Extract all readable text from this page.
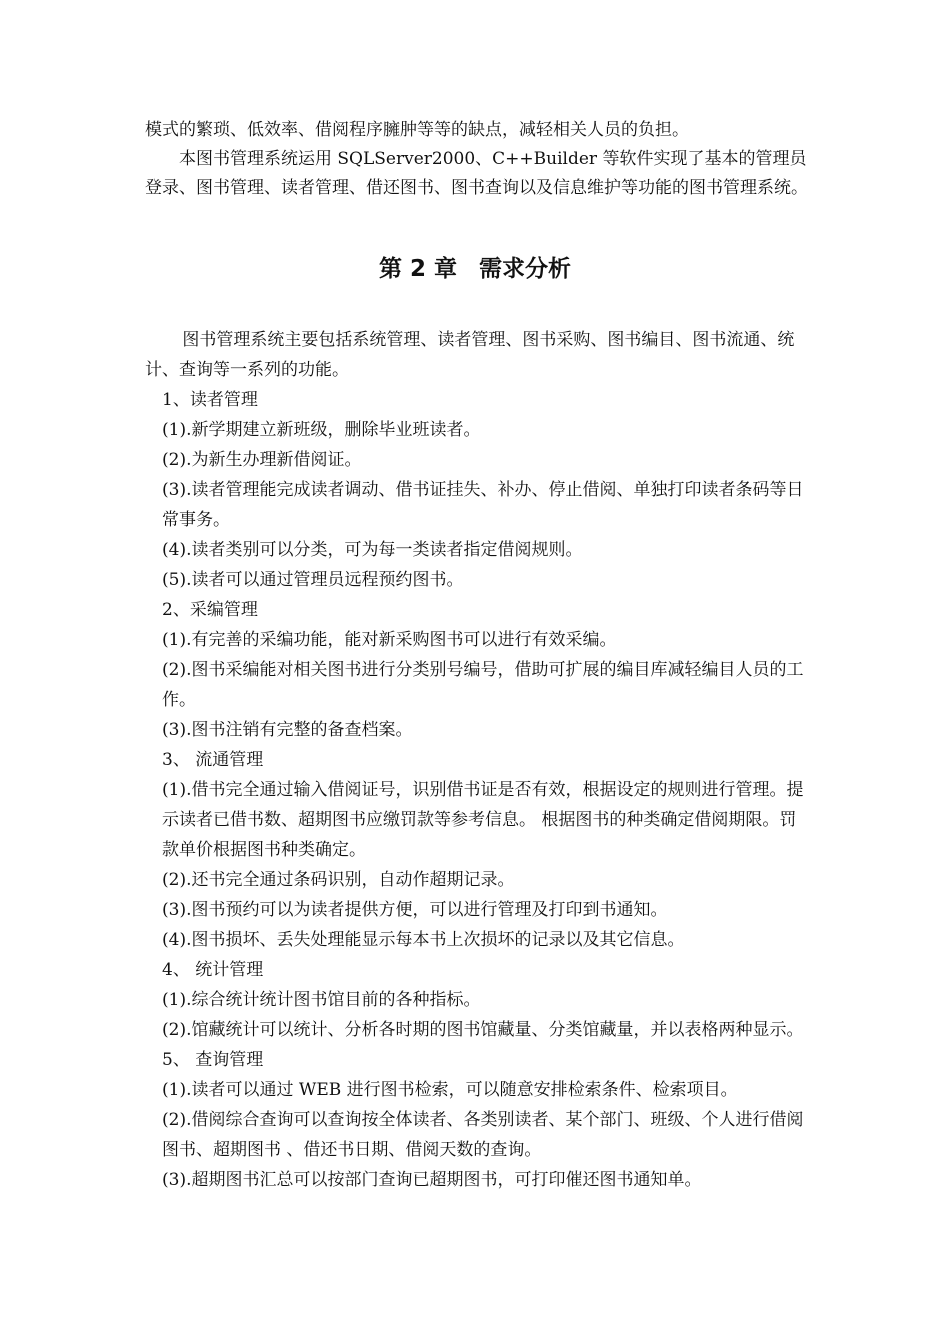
模式的繁琐、低效率、借阅程序臃肿等等的缺点，减轻相关人员的负担。

本图书管理系统运用 SQLServer2000、C++Builder 等软件实现了基本的管理员登录、图书管理、读者管理、借还图书、图书查询以及信息维护等功能的图书管理系统。

第 2 章 需求分析

图书管理系统主要包括系统管理、读者管理、图书采购、图书编目、图书流通、统计、查询等一系列的功能。

1、读者管理

(1).新学期建立新班级，删除毕业班读者。

(2).为新生办理新借阅证。

(3).读者管理能完成读者调动、借书证挂失、补办、停止借阅、单独打印读者条码等日常事务。

(4).读者类别可以分类，可为每一类读者指定借阅规则。

(5).读者可以通过管理员远程预约图书。

2、采编管理

(1).有完善的采编功能，能对新采购图书可以进行有效采编。

(2).图书采编能对相关图书进行分类别号编号，借助可扩展的编目库减轻编目人员的工作。

(3).图书注销有完整的备查档案。

3、 流通管理

(1).借书完全通过输入借阅证号，识别借书证是否有效，根据设定的规则进行管理。提示读者已借书数、超期图书应缴罚款等参考信息。 根据图书的种类确定借阅期限。罚款单价根据图书种类确定。

(2).还书完全通过条码识别，自动作超期记录。

(3).图书预约可以为读者提供方便，可以进行管理及打印到书通知。

(4).图书损坏、丢失处理能显示每本书上次损坏的记录以及其它信息。

4、 统计管理

(1).综合统计统计图书馆目前的各种指标。

(2).馆藏统计可以统计、分析各时期的图书馆藏量、分类馆藏量，并以表格两种显示。

5、 查询管理

(1).读者可以通过 WEB 进行图书检索，可以随意安排检索条件、检索项目。

(2).借阅综合查询可以查询按全体读者、各类别读者、某个部门、班级、个人进行借阅图书、超期图书 、借还书日期、借阅天数的查询。

(3).超期图书汇总可以按部门查询已超期图书，可打印催还图书通知单。
